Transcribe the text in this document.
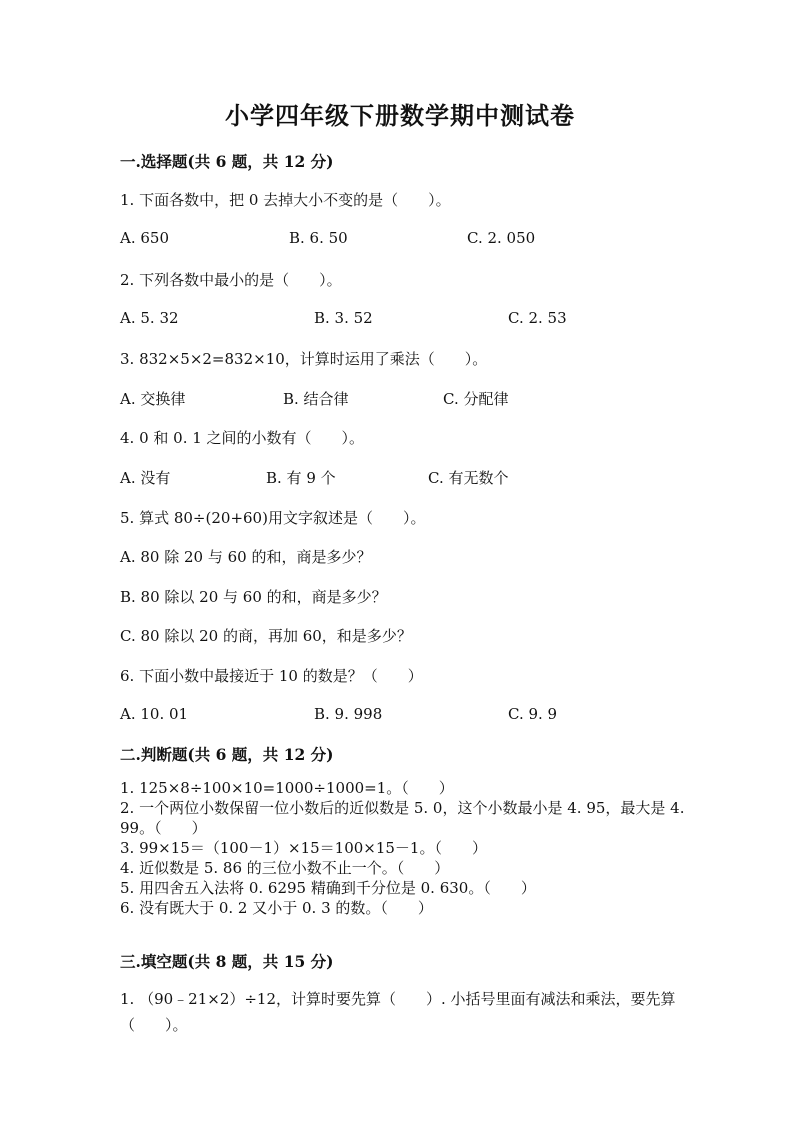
小学四年级下册数学期中测试卷
一.选择题(共 6 题，共 12 分)
1. 下面各数中，把 0 去掉大小不变的是（　　）。
A. 650	B. 6. 50	C. 2. 050
2. 下列各数中最小的是（　　）。
A. 5. 32	B. 3. 52	C. 2. 53
3. 832×5×2=832×10，计算时运用了乘法（　　）。
A. 交换律	B. 结合律	C. 分配律
4. 0 和 0. 1 之间的小数有（　　）。
A. 没有	B. 有 9 个	C. 有无数个
5. 算式 80÷(20+60)用文字叙述是（　　）。
A. 80 除 20 与 60 的和，商是多少？
B. 80 除以 20 与 60 的和，商是多少？
C. 80 除以 20 的商，再加 60，和是多少？
6. 下面小数中最接近于 10 的数是？（　　）
A. 10. 01	B. 9. 998	C. 9. 9
二.判断题(共 6 题，共 12 分)
1. 125×8÷100×10=1000÷1000=1。（　　）
2. 一个两位小数保留一位小数后的近似数是 5. 0，这个小数最小是 4. 95，最大是 4. 99。（　　）
3. 99×15＝（100－1）×15＝100×15－1。（　　）
4. 近似数是 5. 86 的三位小数不止一个。（　　）
5. 用四舍五入法将 0. 6295 精确到千分位是 0. 630。（　　）
6. 没有既大于 0. 2 又小于 0. 3 的数。（　　）
三.填空题(共 8 题，共 15 分)
1. （90﹣21×2）÷12，计算时要先算（　　）. 小括号里面有减法和乘法，要先算（　　）。
